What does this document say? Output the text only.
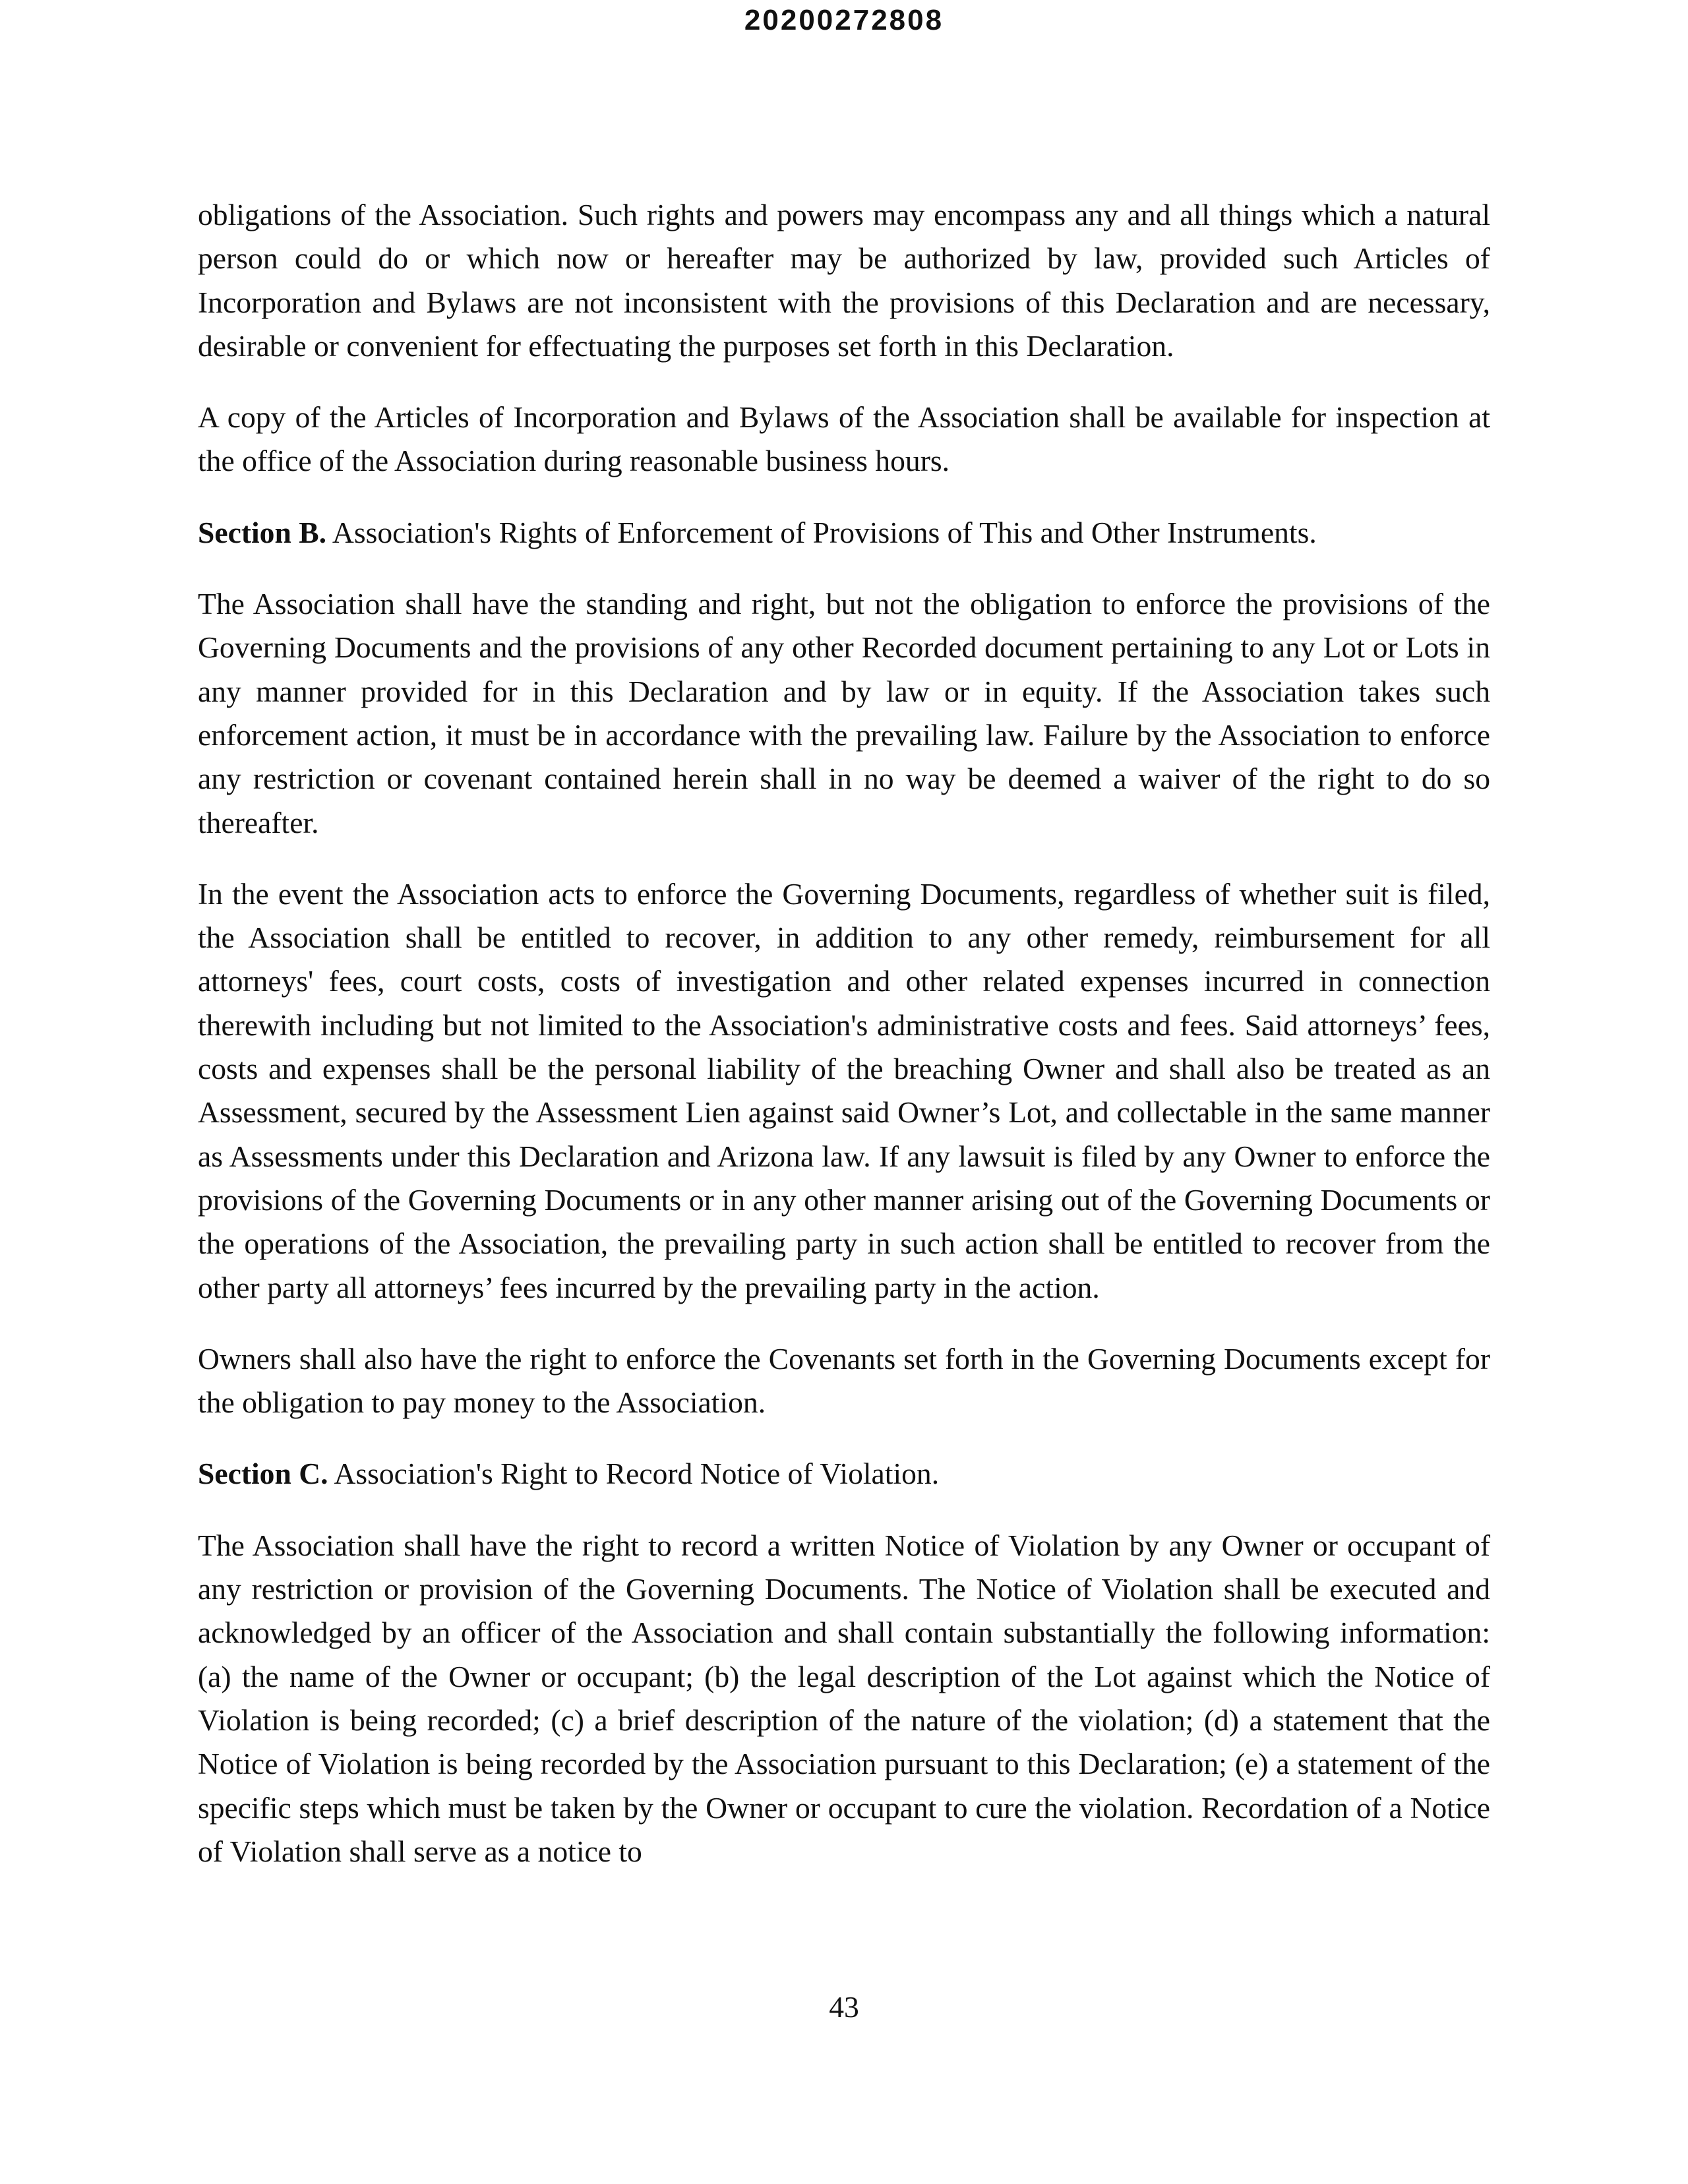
20200272808

obligations of the Association. Such rights and powers may encompass any and all things which a natural person could do or which now or hereafter may be authorized by law, provided such Articles of Incorporation and Bylaws are not inconsistent with the provisions of this Declaration and are necessary, desirable or convenient for effectuating the purposes set forth in this Declaration.

A copy of the Articles of Incorporation and Bylaws of the Association shall be available for inspection at the office of the Association during reasonable business hours.

Section B. Association's Rights of Enforcement of Provisions of This and Other Instruments.

The Association shall have the standing and right, but not the obligation to enforce the provisions of the Governing Documents and the provisions of any other Recorded document pertaining to any Lot or Lots in any manner provided for in this Declaration and by law or in equity. If the Association takes such enforcement action, it must be in accordance with the prevailing law. Failure by the Association to enforce any restriction or covenant contained herein shall in no way be deemed a waiver of the right to do so thereafter.

In the event the Association acts to enforce the Governing Documents, regardless of whether suit is filed, the Association shall be entitled to recover, in addition to any other remedy, reimbursement for all attorneys' fees, court costs, costs of investigation and other related expenses incurred in connection therewith including but not limited to the Association's administrative costs and fees. Said attorneys’ fees, costs and expenses shall be the personal liability of the breaching Owner and shall also be treated as an Assessment, secured by the Assessment Lien against said Owner’s Lot, and collectable in the same manner as Assessments under this Declaration and Arizona law. If any lawsuit is filed by any Owner to enforce the provisions of the Governing Documents or in any other manner arising out of the Governing Documents or the operations of the Association, the prevailing party in such action shall be entitled to recover from the other party all attorneys’ fees incurred by the prevailing party in the action.

Owners shall also have the right to enforce the Covenants set forth in the Governing Documents except for the obligation to pay money to the Association.

Section C. Association's Right to Record Notice of Violation.

The Association shall have the right to record a written Notice of Violation by any Owner or occupant of any restriction or provision of the Governing Documents. The Notice of Violation shall be executed and acknowledged by an officer of the Association and shall contain substantially the following information: (a) the name of the Owner or occupant; (b) the legal description of the Lot against which the Notice of Violation is being recorded; (c) a brief description of the nature of the violation; (d) a statement that the Notice of Violation is being recorded by the Association pursuant to this Declaration; (e) a statement of the specific steps which must be taken by the Owner or occupant to cure the violation. Recordation of a Notice of Violation shall serve as a notice to

43
